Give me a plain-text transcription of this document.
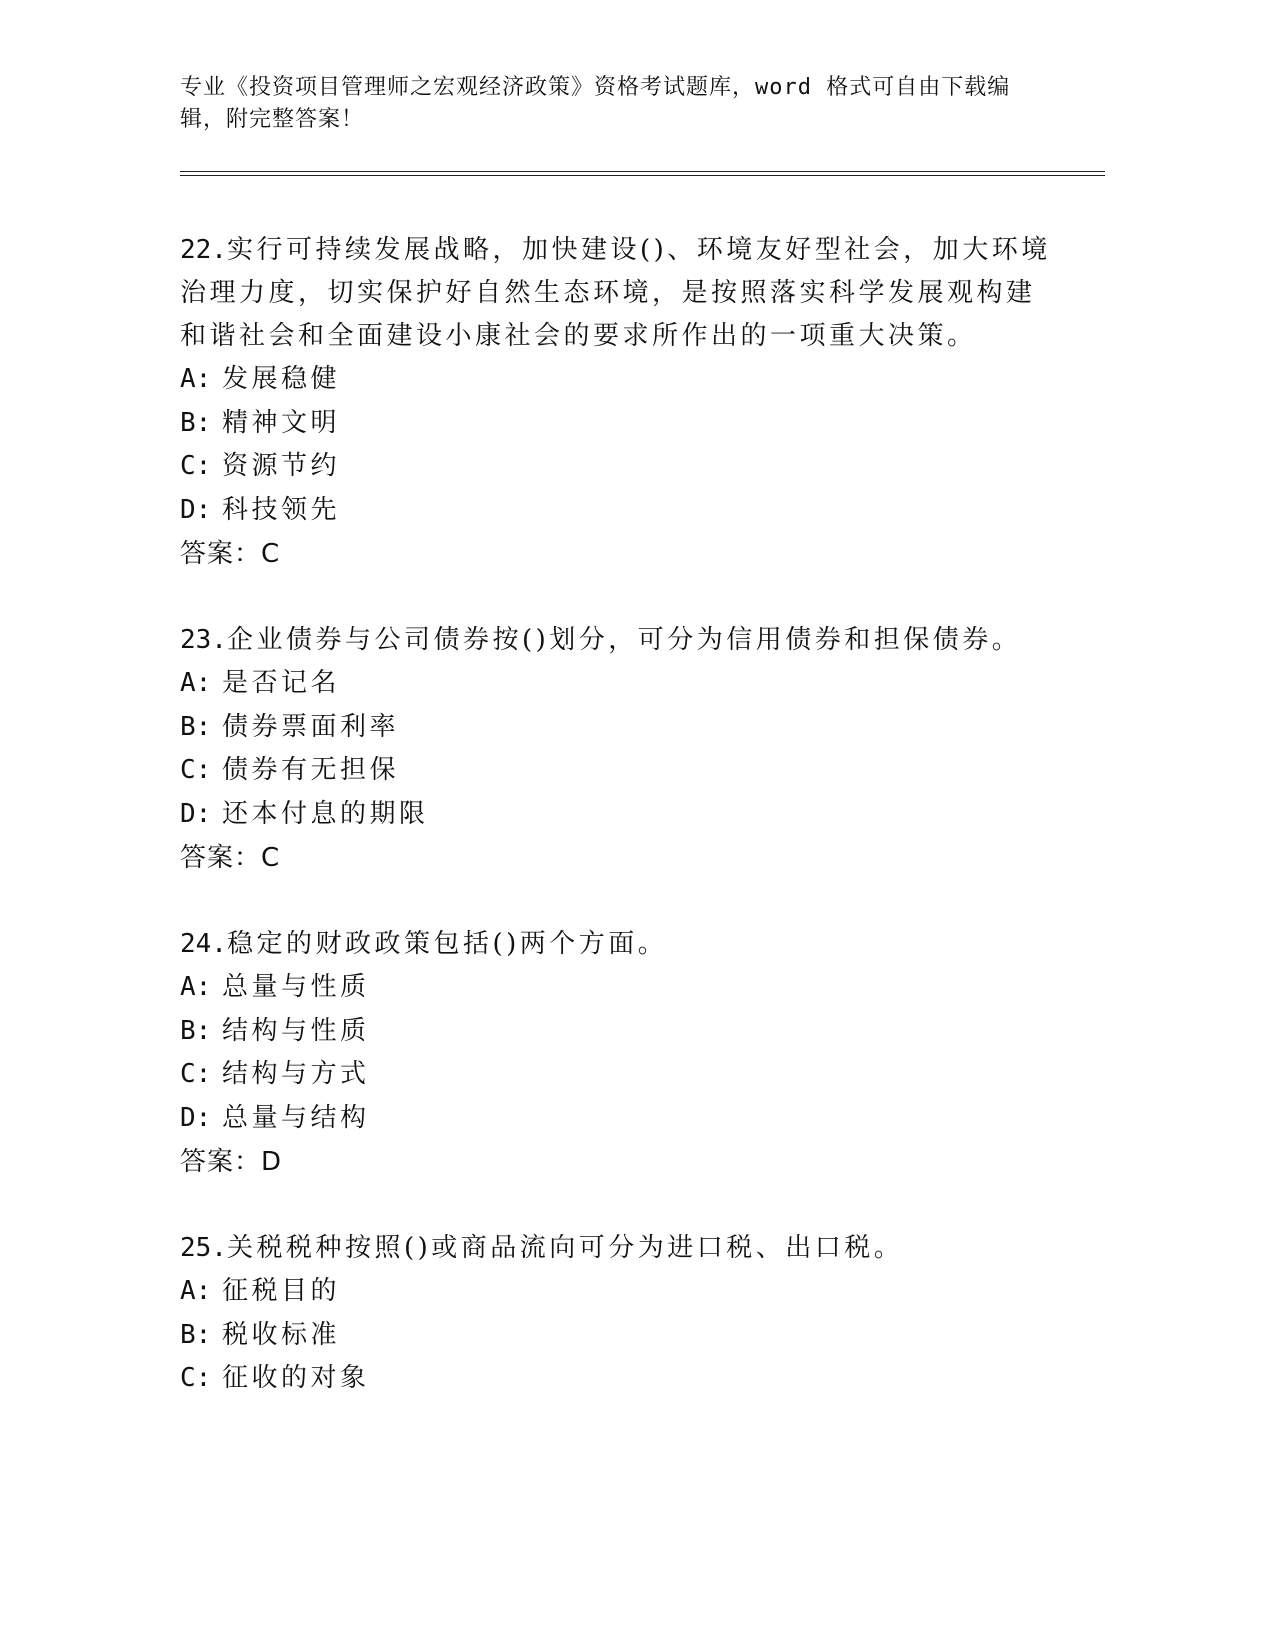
专业《投资项目管理师之宏观经济政策》资格考试题库，word 格式可自由下载编辑，附完整答案！
22.实行可持续发展战略，加快建设()、环境友好型社会，加大环境治理力度，切实保护好自然生态环境，是按照落实科学发展观构建和谐社会和全面建设小康社会的要求所作出的一项重大决策。
A: 发展稳健
B: 精神文明
C: 资源节约
D: 科技领先
答案：C
23.企业债券与公司债券按()划分，可分为信用债券和担保债券。
A: 是否记名
B: 债券票面利率
C: 债券有无担保
D: 还本付息的期限
答案：C
24.稳定的财政政策包括()两个方面。
A: 总量与性质
B: 结构与性质
C: 结构与方式
D: 总量与结构
答案：D
25.关税税种按照()或商品流向可分为进口税、出口税。
A: 征税目的
B: 税收标准
C: 征收的对象
